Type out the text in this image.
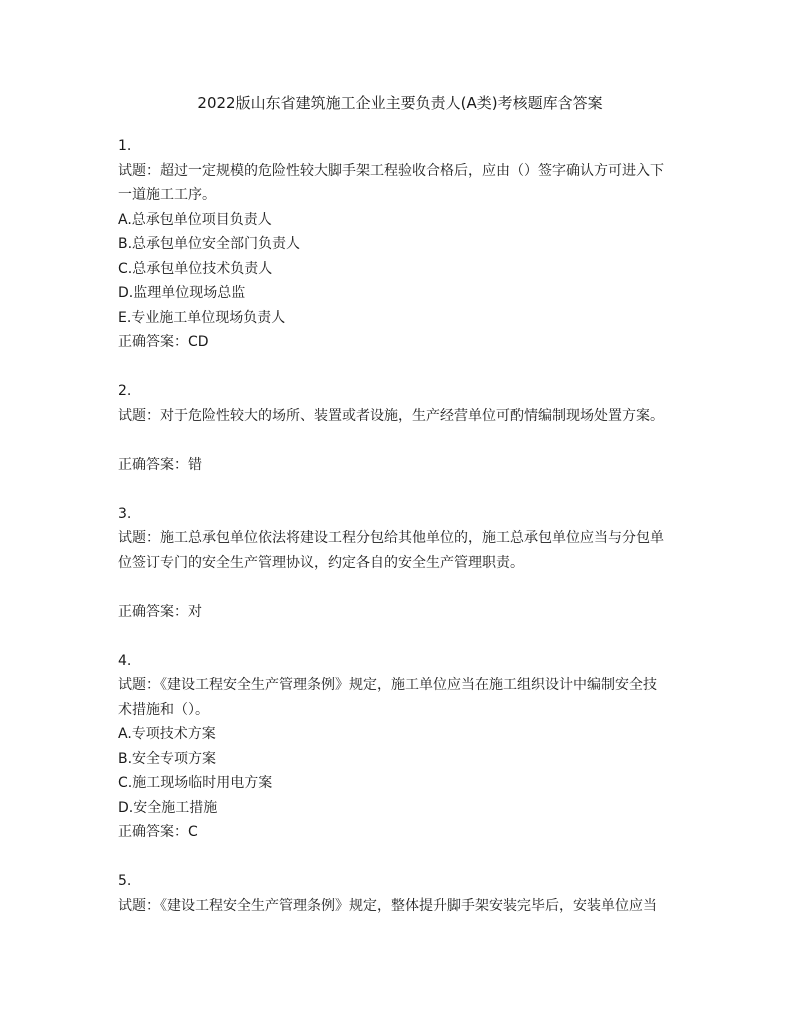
2022版山东省建筑施工企业主要负责人(A类)考核题库含答案
1.
试题：超过一定规模的危险性较大脚手架工程验收合格后，应由（）签字确认方可进入下
一道施工工序。
A.总承包单位项目负责人
B.总承包单位安全部门负责人
C.总承包单位技术负责人
D.监理单位现场总监
E.专业施工单位现场负责人
正确答案：CD
2.
试题：对于危险性较大的场所、装置或者设施，生产经营单位可酌情编制现场处置方案。
正确答案：错
3.
试题：施工总承包单位依法将建设工程分包给其他单位的，施工总承包单位应当与分包单
位签订专门的安全生产管理协议，约定各自的安全生产管理职责。
正确答案：对
4.
试题：《建设工程安全生产管理条例》规定，施工单位应当在施工组织设计中编制安全技
术措施和（）。
A.专项技术方案
B.安全专项方案
C.施工现场临时用电方案
D.安全施工措施
正确答案：C
5.
试题：《建设工程安全生产管理条例》规定，整体提升脚手架安装完毕后，安装单位应当
